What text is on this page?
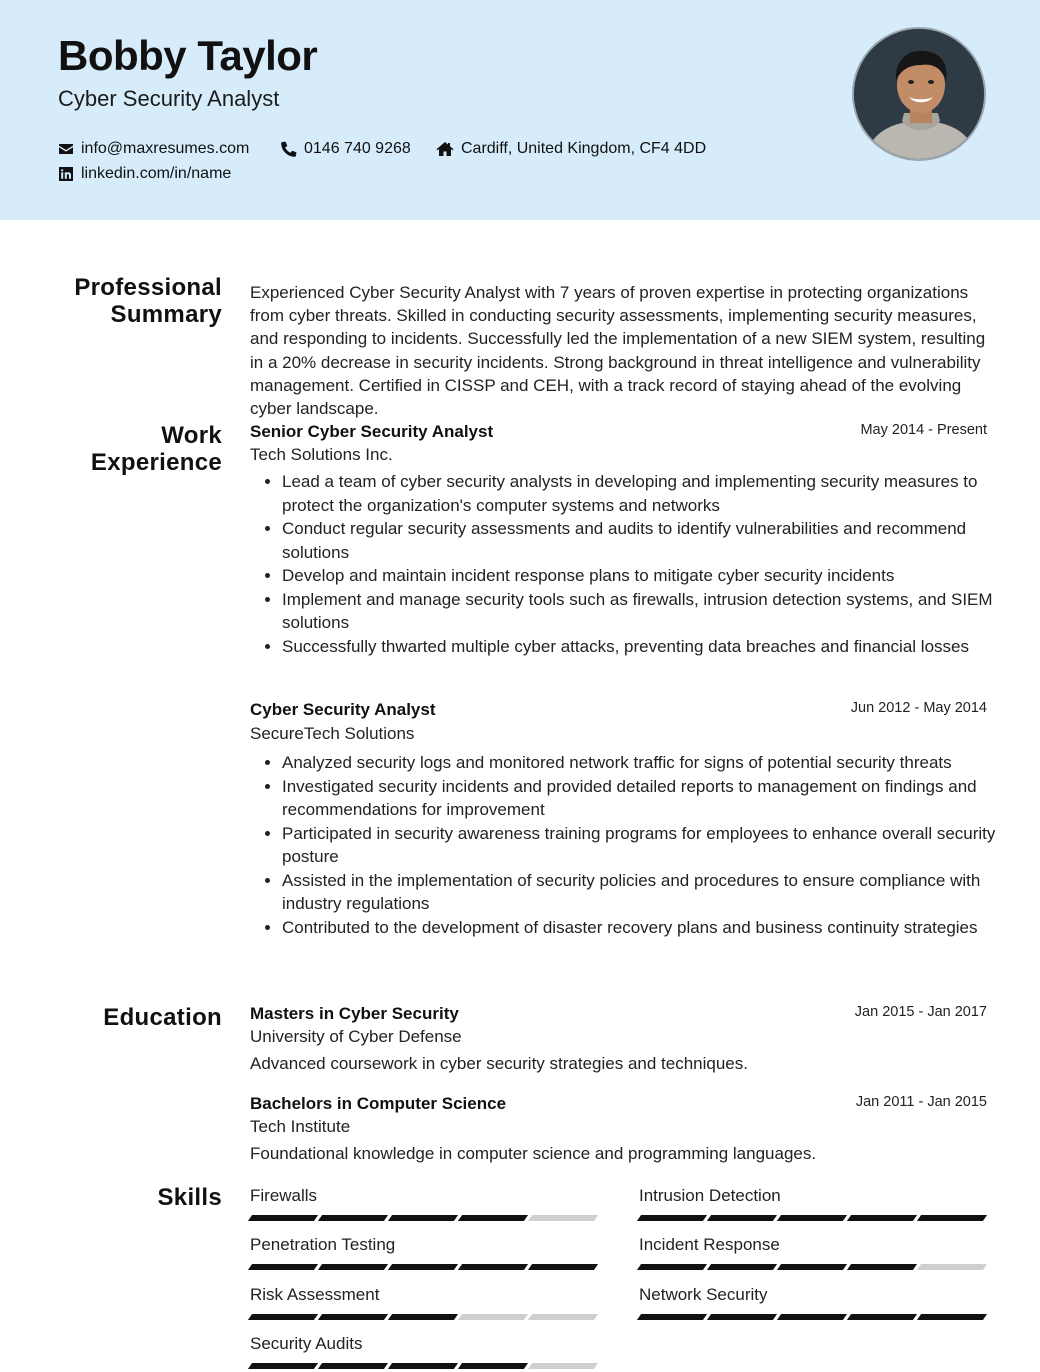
Bobby Taylor
Cyber Security Analyst
info@maxresumes.com	0146 740 9268	Cardiff, United Kingdom, CF4 4DD
linkedin.com/in/name
Professional
Summary

Experienced Cyber Security Analyst with 7 years of proven expertise in protecting organizations from cyber threats. Skilled in conducting security assessments, implementing security measures, and responding to incidents. Successfully led the implementation of a new SIEM system, resulting in a 20% decrease in security incidents. Strong background in threat intelligence and vulnerability management. Certified in CISSP and CEH, with a track record of staying ahead of the evolving cyber landscape.

Work
Experience
May 2014 - Present
Senior Cyber Security Analyst
Tech Solutions Inc.
• Lead a team of cyber security analysts in developing and implementing security measures to protect the organization's computer systems and networks
• Conduct regular security assessments and audits to identify vulnerabilities and recommend solutions
• Develop and maintain incident response plans to mitigate cyber security incidents
• Implement and manage security tools such as firewalls, intrusion detection systems, and SIEM solutions
• Successfully thwarted multiple cyber attacks, preventing data breaches and financial losses
Jun 2012 - May 2014
Cyber Security Analyst
SecureTech Solutions
• Analyzed security logs and monitored network traffic for signs of potential security threats
• Investigated security incidents and provided detailed reports to management on findings and recommendations for improvement
• Participated in security awareness training programs for employees to enhance overall security posture
• Assisted in the implementation of security policies and procedures to ensure compliance with industry regulations
• Contributed to the development of disaster recovery plans and business continuity strategies
Education	Jan 2015 - Jan 2017
Masters in Cyber Security
University of Cyber Defense
Advanced coursework in cyber security strategies and techniques.
Jan 2011 - Jan 2015
Bachelors in Computer Science
Tech Institute
Foundational knowledge in computer science and programming languages.
Skills Firewalls	Intrusion Detection
Penetration Testing	Incident Response
Risk Assessment	Network Security
Security Audits
